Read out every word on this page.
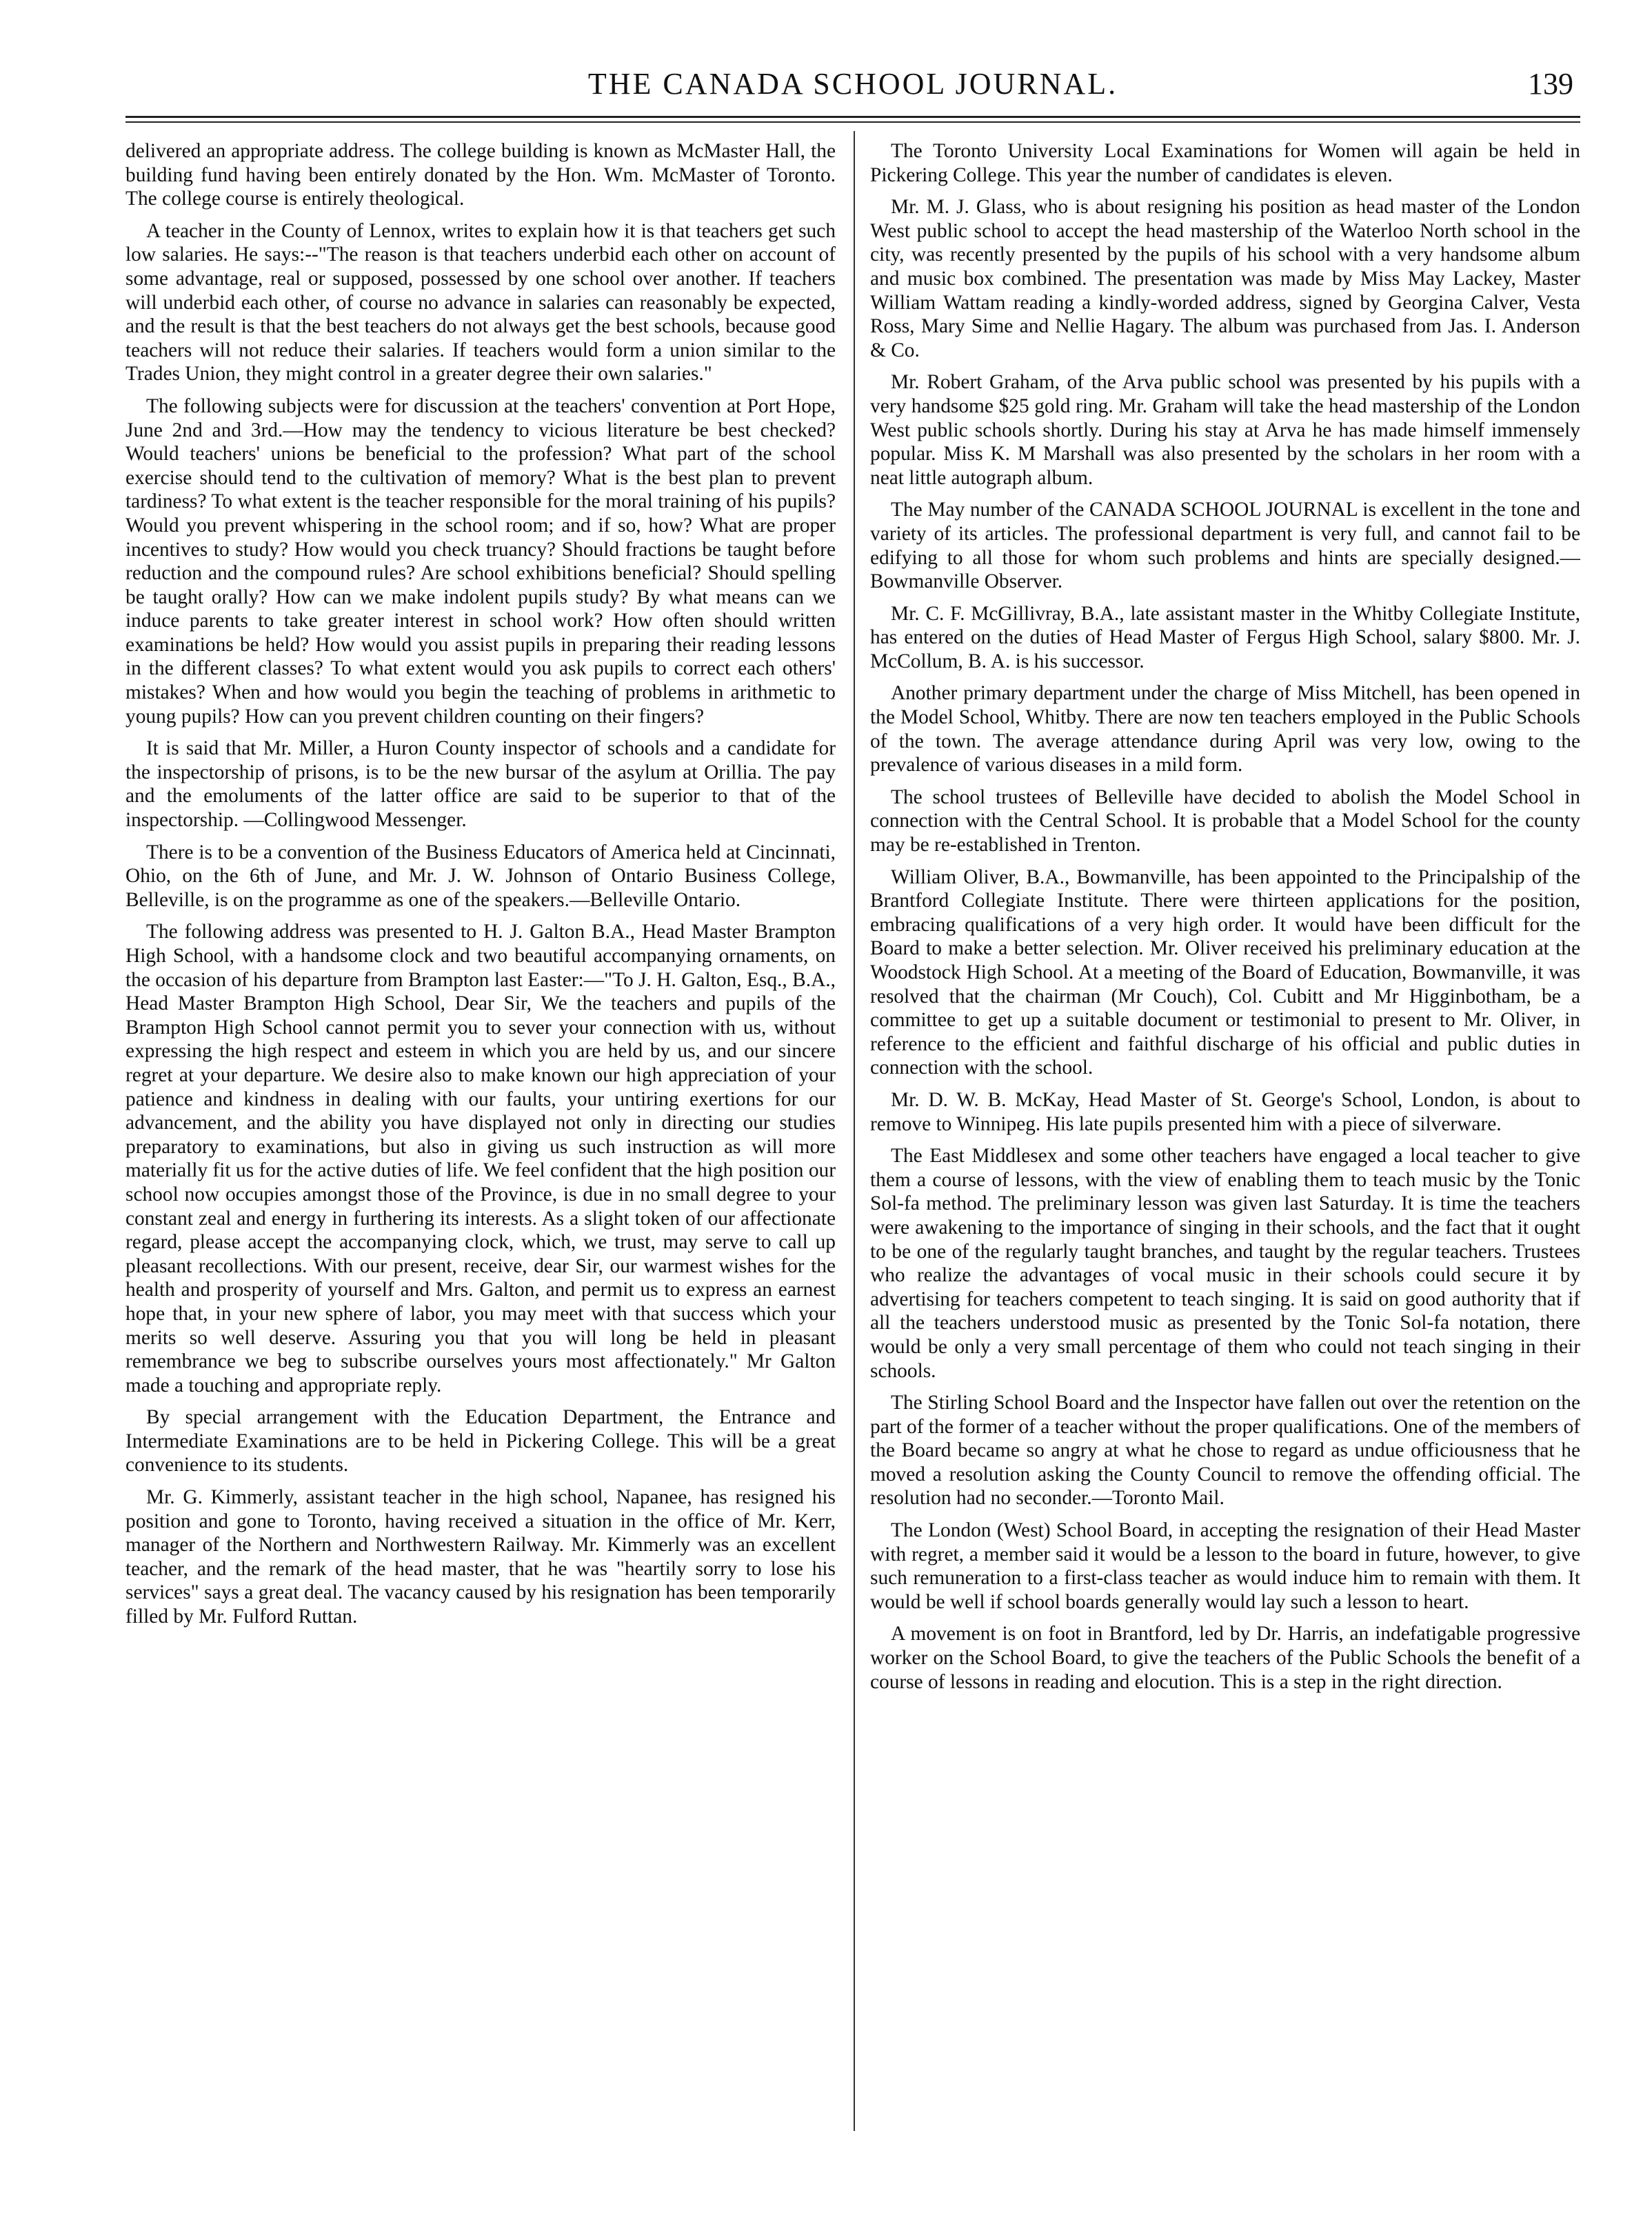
THE CANADA SCHOOL JOURNAL.	139

delivered an appropriate address. The college building is known as McMaster Hall, the building fund having been entirely donated by the Hon. Wm. McMaster of Toronto. The college course is entirely theological.

A teacher in the County of Lennox, writes to explain how it is that teachers get such low salaries. He says:--"The reason is that teachers underbid each other on account of some advantage, real or supposed, possessed by one school over another. If teachers will underbid each other, of course no advance in salaries can reasonably be expected, and the result is that the best teachers do not always get the best schools, because good teachers will not reduce their salaries. If teachers would form a union similar to the Trades Union, they might control in a greater degree their own salaries."

The following subjects were for discussion at the teachers' convention at Port Hope, June 2nd and 3rd.—How may the tendency to vicious literature be best checked? Would teachers' unions be beneficial to the profession? What part of the school exercise should tend to the cultivation of memory? What is the best plan to prevent tardiness? To what extent is the teacher responsible for the moral training of his pupils? Would you prevent whispering in the school room; and if so, how? What are proper incentives to study? How would you check truancy? Should fractions be taught before reduction and the compound rules? Are school exhibitions beneficial? Should spelling be taught orally? How can we make indolent pupils study? By what means can we induce parents to take greater interest in school work? How often should written examinations be held? How would you assist pupils in preparing their reading lessons in the different classes? To what extent would you ask pupils to correct each others' mistakes? When and how would you begin the teaching of problems in arithmetic to young pupils? How can you prevent children counting on their fingers?

It is said that Mr. Miller, a Huron County inspector of schools and a candidate for the inspectorship of prisons, is to be the new bursar of the asylum at Orillia. The pay and the emoluments of the latter office are said to be superior to that of the inspectorship. —Collingwood Messenger.

There is to be a convention of the Business Educators of America held at Cincinnati, Ohio, on the 6th of June, and Mr. J. W. Johnson of Ontario Business College, Belleville, is on the programme as one of the speakers.—Belleville Ontario.

The following address was presented to H. J. Galton B.A., Head Master Brampton High School, with a handsome clock and two beautiful accompanying ornaments, on the occasion of his departure from Brampton last Easter:—"To J. H. Galton, Esq., B.A., Head Master Brampton High School, Dear Sir, We the teachers and pupils of the Brampton High School cannot permit you to sever your connection with us, without expressing the high respect and esteem in which you are held by us, and our sincere regret at your departure. We desire also to make known our high appreciation of your patience and kindness in dealing with our faults, your untiring exertions for our advancement, and the ability you have displayed not only in directing our studies preparatory to examinations, but also in giving us such instruction as will more materially fit us for the active duties of life. We feel confident that the high position our school now occupies amongst those of the Province, is due in no small degree to your constant zeal and energy in furthering its interests. As a slight token of our affectionate regard, please accept the accompanying clock, which, we trust, may serve to call up pleasant recollections. With our present, receive, dear Sir, our warmest wishes for the health and prosperity of yourself and Mrs. Galton, and permit us to express an earnest hope that, in your new sphere of labor, you may meet with that success which your merits so well deserve. Assuring you that you will long be held in pleasant remembrance we beg to subscribe ourselves yours most affectionately." Mr Galton made a touching and appropriate reply.

By special arrangement with the Education Department, the Entrance and Intermediate Examinations are to be held in Pickering College. This will be a great convenience to its students.

Mr. G. Kimmerly, assistant teacher in the high school, Napanee, has resigned his position and gone to Toronto, having received a situation in the office of Mr. Kerr, manager of the Northern and Northwestern Railway. Mr. Kimmerly was an excellent teacher, and the remark of the head master, that he was "heartily sorry to lose his services" says a great deal. The vacancy caused by his resignation has been temporarily filled by Mr. Fulford Ruttan.

The Toronto University Local Examinations for Women will again be held in Pickering College. This year the number of candidates is eleven.

Mr. M. J. Glass, who is about resigning his position as head master of the London West public school to accept the head mastership of the Waterloo North school in the city, was recently presented by the pupils of his school with a very handsome album and music box combined. The presentation was made by Miss May Lackey, Master William Wattam reading a kindly-worded address, signed by Georgina Calver, Vesta Ross, Mary Sime and Nellie Hagary. The album was purchased from Jas. I. Anderson & Co.

Mr. Robert Graham, of the Arva public school was presented by his pupils with a very handsome $25 gold ring. Mr. Graham will take the head mastership of the London West public schools shortly. During his stay at Arva he has made himself immensely popular. Miss K. M Marshall was also presented by the scholars in her room with a neat little autograph album.

The May number of the CANADA SCHOOL JOURNAL is excellent in the tone and variety of its articles. The professional department is very full, and cannot fail to be edifying to all those for whom such problems and hints are specially designed.—Bowmanville Observer.

Mr. C. F. McGillivray, B.A., late assistant master in the Whitby Collegiate Institute, has entered on the duties of Head Master of Fergus High School, salary $800. Mr. J. McCollum, B. A. is his successor.

Another primary department under the charge of Miss Mitchell, has been opened in the Model School, Whitby. There are now ten teachers employed in the Public Schools of the town. The average attendance during April was very low, owing to the prevalence of various diseases in a mild form.

The school trustees of Belleville have decided to abolish the Model School in connection with the Central School. It is probable that a Model School for the county may be re-established in Trenton.

William Oliver, B.A., Bowmanville, has been appointed to the Principalship of the Brantford Collegiate Institute. There were thirteen applications for the position, embracing qualifications of a very high order. It would have been difficult for the Board to make a better selection. Mr. Oliver received his preliminary education at the Woodstock High School. At a meeting of the Board of Education, Bowmanville, it was resolved that the chairman (Mr Couch), Col. Cubitt and Mr Higginbotham, be a committee to get up a suitable document or testimonial to present to Mr. Oliver, in reference to the efficient and faithful discharge of his official and public duties in connection with the school.

Mr. D. W. B. McKay, Head Master of St. George's School, London, is about to remove to Winnipeg. His late pupils presented him with a piece of silverware.

The East Middlesex and some other teachers have engaged a local teacher to give them a course of lessons, with the view of enabling them to teach music by the Tonic Sol-fa method. The preliminary lesson was given last Saturday. It is time the teachers were awakening to the importance of singing in their schools, and the fact that it ought to be one of the regularly taught branches, and taught by the regular teachers. Trustees who realize the advantages of vocal music in their schools could secure it by advertising for teachers competent to teach singing. It is said on good authority that if all the teachers understood music as presented by the Tonic Sol-fa notation, there would be only a very small percentage of them who could not teach singing in their schools.

The Stirling School Board and the Inspector have fallen out over the retention on the part of the former of a teacher without the proper qualifications. One of the members of the Board became so angry at what he chose to regard as undue officiousness that he moved a resolution asking the County Council to remove the offending official. The resolution had no seconder.—Toronto Mail.

The London (West) School Board, in accepting the resignation of their Head Master with regret, a member said it would be a lesson to the board in future, however, to give such remuneration to a first-class teacher as would induce him to remain with them. It would be well if school boards generally would lay such a lesson to heart.

A movement is on foot in Brantford, led by Dr. Harris, an indefatigable progressive worker on the School Board, to give the teachers of the Public Schools the benefit of a course of lessons in reading and elocution. This is a step in the right direction.
